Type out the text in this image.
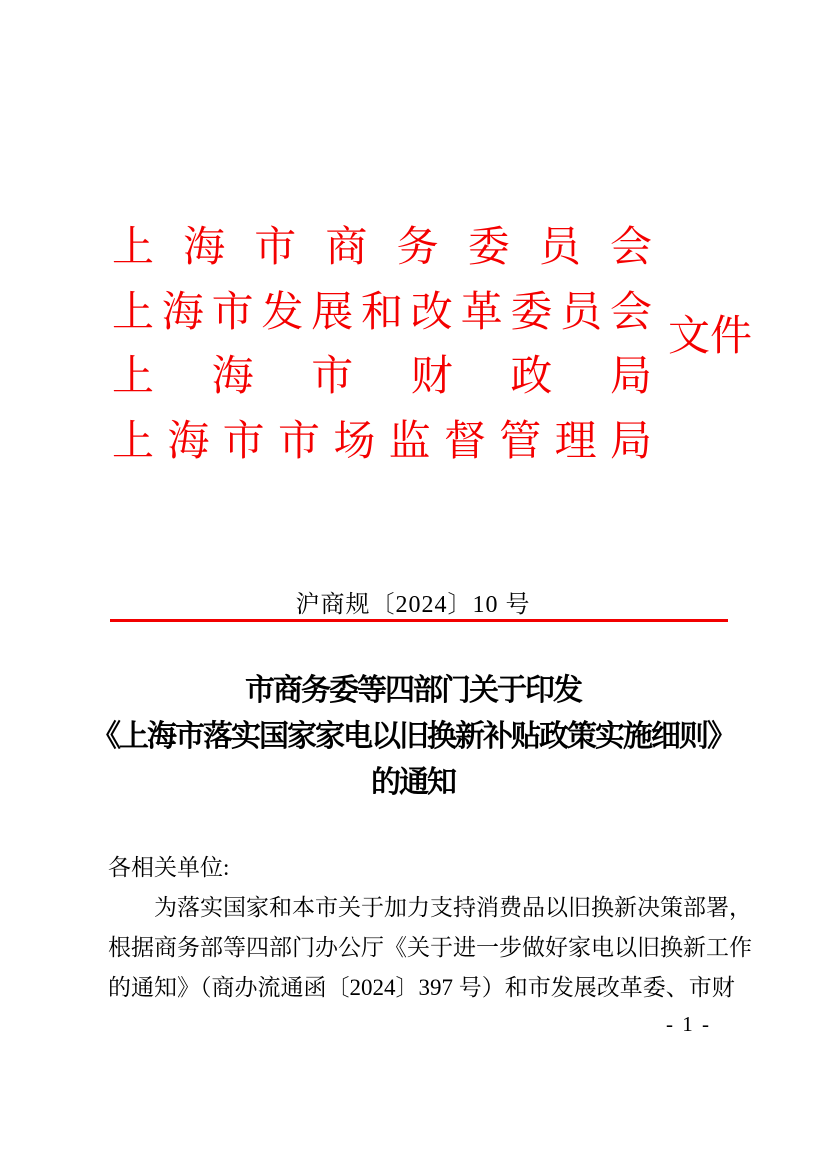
上 海 市 商 务 委 员 会
上 海 市 发 展 和 改 革 委 员 会
上 海 市 财 政 局
上 海 市 市 场 监 督 管 理 局
文件
沪商规〔2024〕10 号
市商务委等四部门关于印发
《上海市落实国家家电以旧换新补贴政策实施细则》
的通知
各相关单位:
为落实国家和本市关于加力支持消费品以旧换新决策部署，
根据商务部等四部门办公厅《关于进一步做好家电以旧换新工作
的通知》（商办流通函〔2024〕397 号）和市发展改革委、市财
- 1 -
